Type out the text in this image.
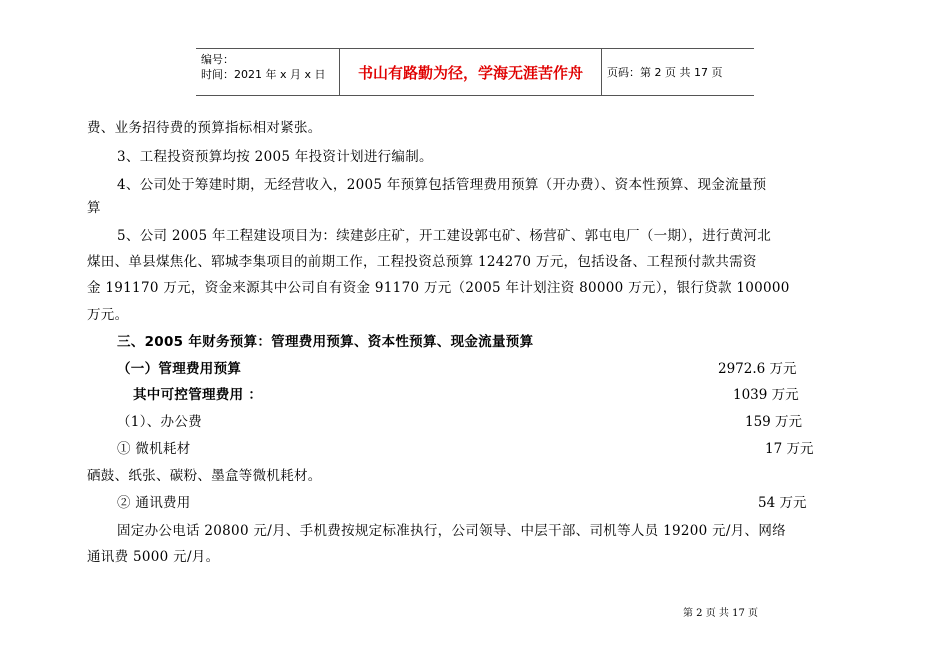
编号：
时间：2021 年 x 月 x 日	书山有路勤为径，学海无涯苦作舟 页码：第 2 页 共 17 页
费、业务招待费的预算指标相对紧张。
3、工程投资预算均按 2005 年投资计划进行编制。
4、公司处于筹建时期，无经营收入，2005 年预算包括管理费用预算（开办费）、资本性预算、现金流量预
算
5、公司 2005 年工程建设项目为：续建彭庄矿，开工建设郭屯矿、杨营矿、郭屯电厂（一期），进行黄河北
煤田、单县煤焦化、郓城李集项目的前期工作，工程投资总预算 124270 万元，包括设备、工程预付款共需资
金 191170 万元，资金来源其中公司自有资金 91170 万元（2005 年计划注资 80000 万元），银行贷款 100000
万元。
三、2005 年财务预算：管理费用预算、资本性预算、现金流量预算
（一）管理费用预算	2972.6 万元
其中可控管理费用 ：	1039 万元
（1）、办公费	159 万元
① 微机耗材	17 万元
硒鼓、纸张、碳粉、墨盒等微机耗材。
② 通讯费用	54 万元
固定办公电话 20800 元/月、手机费按规定标准执行，公司领导、中层干部、司机等人员 19200 元/月、网络
通讯费 5000 元/月。
第 2 页 共 17 页
